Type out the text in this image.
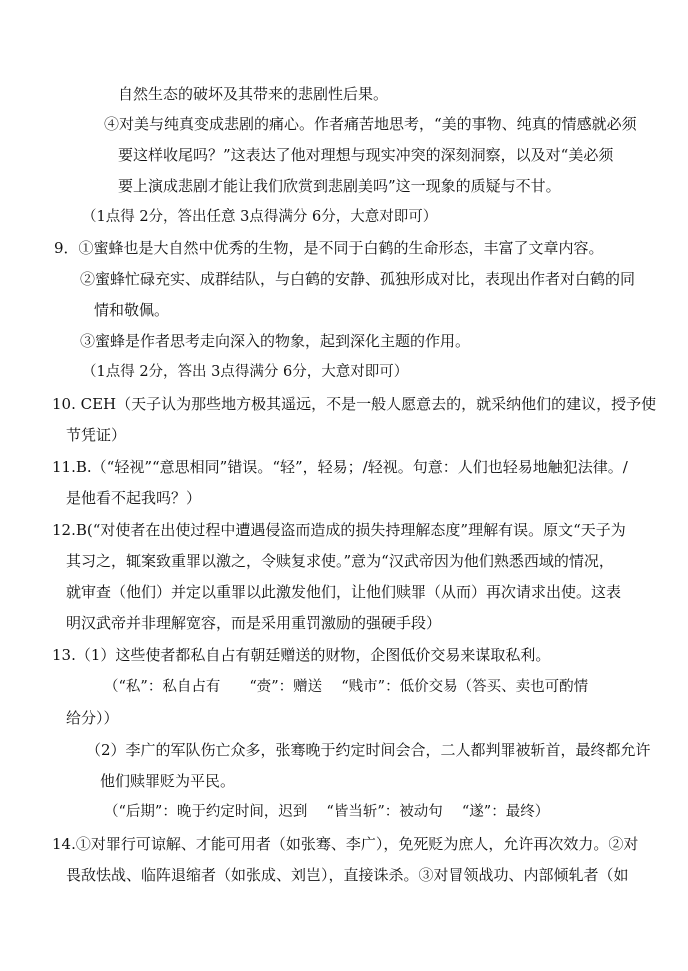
自然生态的破坏及其带来的悲剧性后果。
④对美与纯真变成悲剧的痛心。作者痛苦地思考，“美的事物、纯真的情感就必须
要这样收尾吗？”这表达了他对理想与现实冲突的深刻洞察，以及对“美必须
要上演成悲剧才能让我们欣赏到悲剧美吗”这一现象的质疑与不甘。
（1点得 2分，答出任意 3点得满分 6分，大意对即可）
9．①蜜蜂也是大自然中优秀的生物，是不同于白鹤的生命形态，丰富了文章内容。
②蜜蜂忙碌充实、成群结队，与白鹤的安静、孤独形成对比，表现出作者对白鹤的同
情和敬佩。
③蜜蜂是作者思考走向深入的物象，起到深化主题的作用。
（1点得 2分，答出 3点得满分 6分，大意对即可）
10. CEH（天子认为那些地方极其遥远，不是一般人愿意去的，就采纳他们的建议，授予使
节凭证）
11.B.（“轻视”“意思相同”错误。“轻”，轻易；/轻视。句意：人们也轻易地触犯法律。/
是他看不起我吗？）
12.B(“对使者在出使过程中遭遇侵盗而造成的损失持理解态度”理解有误。原文“天子为
其习之，辄案致重罪以激之，令赎复求使。”意为“汉武帝因为他们熟悉西域的情况，
就审查（他们）并定以重罪以此激发他们，让他们赎罪（从而）再次请求出使。这表
明汉武帝并非理解宽容，而是采用重罚激励的强硬手段）
13.（1）这些使者都私自占有朝廷赠送的财物，企图低价交易来谋取私利。
（“私”：私自占有　　“赍”：赠送　 “贱市”：低价交易（答买、卖也可酌情
给分））
（2）李广的军队伤亡众多，张骞晚于约定时间会合，二人都判罪被斩首，最终都允许
他们赎罪贬为平民。
（“后期”：晚于约定时间，迟到　 “皆当斩”：被动句　 “遂”：最终）
14.①对罪行可谅解、才能可用者（如张骞、李广），免死贬为庶人，允许再次效力。②对
畏敌怯战、临阵退缩者（如张成、刘岂），直接诛杀。③对冒领战功、内部倾轧者（如
